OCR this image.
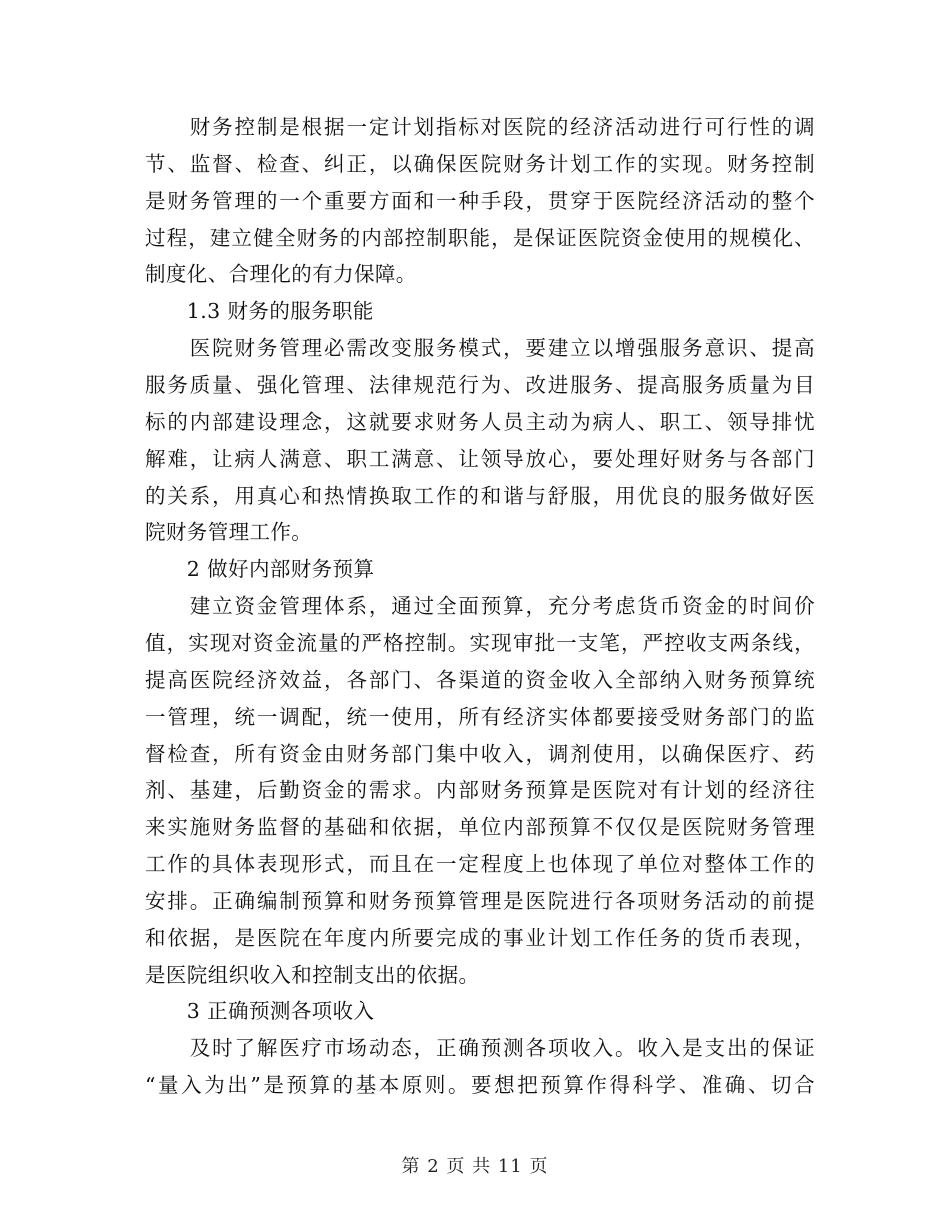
　　财务控制是根据一定计划指标对医院的经济活动进行可行性的调
节、监督、检查、纠正，以确保医院财务计划工作的实现。财务控制
是财务管理的一个重要方面和一种手段，贯穿于医院经济活动的整个
过程，建立健全财务的内部控制职能，是保证医院资金使用的规模化、
制度化、合理化的有力保障。
　　1.3 财务的服务职能
　　医院财务管理必需改变服务模式，要建立以增强服务意识、提高
服务质量、强化管理、法律规范行为、改进服务、提高服务质量为目
标的内部建设理念，这就要求财务人员主动为病人、职工、领导排忧
解难，让病人满意、职工满意、让领导放心，要处理好财务与各部门
的关系，用真心和热情换取工作的和谐与舒服，用优良的服务做好医
院财务管理工作。
　　2 做好内部财务预算
　　建立资金管理体系，通过全面预算，充分考虑货币资金的时间价
值，实现对资金流量的严格控制。实现审批一支笔，严控收支两条线，
提高医院经济效益，各部门、各渠道的资金收入全部纳入财务预算统
一管理，统一调配，统一使用，所有经济实体都要接受财务部门的监
督检查，所有资金由财务部门集中收入，调剂使用，以确保医疗、药
剂、基建，后勤资金的需求。内部财务预算是医院对有计划的经济往
来实施财务监督的基础和依据，单位内部预算不仅仅是医院财务管理
工作的具体表现形式，而且在一定程度上也体现了单位对整体工作的
安排。正确编制预算和财务预算管理是医院进行各项财务活动的前提
和依据，是医院在年度内所要完成的事业计划工作任务的货币表现，
是医院组织收入和控制支出的依据。
　　3 正确预测各项收入
　　及时了解医疗市场动态，正确预测各项收入。收入是支出的保证
“量入为出”是预算的基本原则。要想把预算作得科学、准确、切合
第 2 页 共 11 页
